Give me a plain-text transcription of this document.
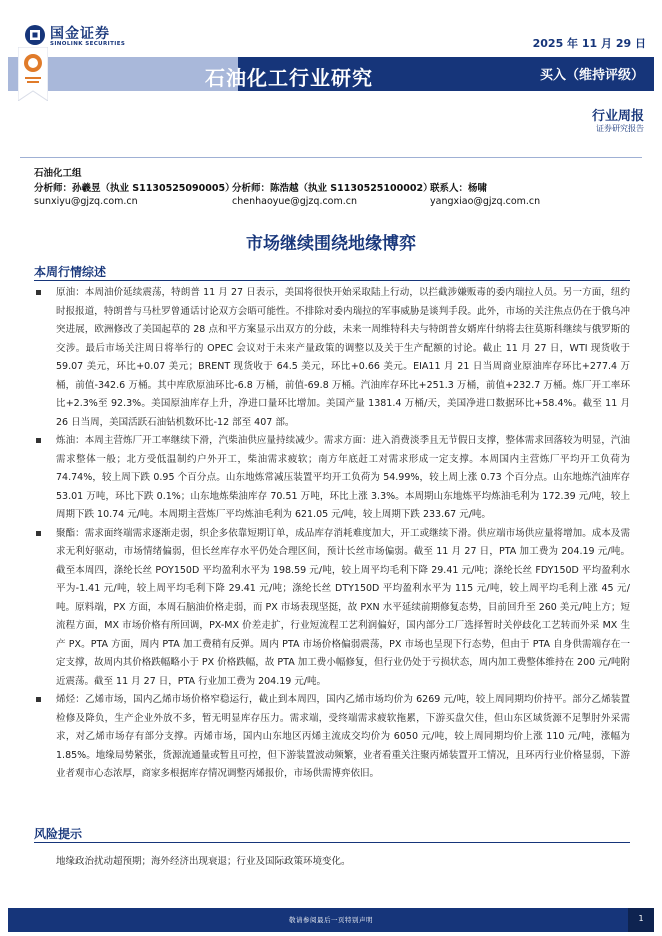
国金证券
SINOLINK SECURITIES	2025 年 11 月 29 日
石油化工行业研究	买入（维持评级）
行业周报
证券研究报告
石油化工组
分析师：孙羲昱（执业 S1130525090005）
分析师：陈浩越（执业 S1130525100002）
联系人：杨啸
sunxiyu@gjzq.com.cn	chenhaoyue@gjzq.com.cn	yangxiao@gjzq.com.cn
市场继续围绕地缘博弈
本周行情综述
原油：本周油价延续震荡，特朗普 11 月 27 日表示，美国将很快开始采取陆上行动，以拦截涉嫌贩毒的委内瑞拉人员。另一方面，纽约时报报道，特朗普与马杜罗曾通话讨论双方会晤可能性。不排除对委内瑞拉的军事威胁是谈判手段。此外，市场的关注焦点仍在于俄乌冲突进展，欧洲修改了美国起草的 28 点和平方案显示出双方的分歧，未来一周维特科夫与特朗普女婿库什纳将去往莫斯科继续与俄罗斯的交涉。最后市场关注周日将举行的 OPEC 会议对于未来产量政策的调整以及关于生产配额的讨论。截止 11 月 27 日，WTI 现货收于 59.07 美元，环比+0.07 美元；BRENT 现货收于 64.5 美元，环比+0.66 美元。EIA11 月 21 日当周商业原油库存环比+277.4 万桶，前值-342.6 万桶。其中库欣原油环比-6.8 万桶，前值-69.8 万桶。汽油库存环比+251.3 万桶，前值+232.7 万桶。炼厂开工率环比+2.3%至 92.3%。美国原油库存上升，净进口量环比增加。美国产量 1381.4 万桶/天，美国净进口数据环比+58.4%。截至 11 月 26 日当周，美国活跃石油钻机数环比-12 部至 407 部。
炼油：本周主营炼厂开工率继续下滑，汽柴油供应量持续减少。需求方面：进入消费淡季且无节假日支撑，整体需求回落较为明显，汽油需求整体一般；北方受低温制约户外开工，柴油需求疲软；南方年底赶工对需求形成一定支撑。本周国内主营炼厂平均开工负荷为 74.74%，较上周下跌 0.95 个百分点。山东地炼常减压装置平均开工负荷为 54.99%，较上周上涨 0.73 个百分点。山东地炼汽油库存 53.01 万吨，环比下跌 0.1%；山东地炼柴油库存 70.51 万吨，环比上涨 3.3%。本周期山东地炼平均炼油毛利为 172.39 元/吨，较上周期下跌 10.74 元/吨。本周期主营炼厂平均炼油毛利为 621.05 元/吨，较上周期下跌 233.67 元/吨。
聚酯：需求面终端需求逐渐走弱，织企多依靠短期订单，成品库存消耗难度加大，开工或继续下滑。供应端市场供应量将增加。成本及需求无利好驱动，市场情绪偏弱，但长丝库存水平仍处合理区间，预计长丝市场偏弱。截至 11 月 27 日，PTA 加工费为 204.19 元/吨。截至本周四，涤纶长丝 POY150D 平均盈利水平为 198.59 元/吨，较上周平均毛利下降 29.41 元/吨；涤纶长丝 FDY150D 平均盈利水平为-1.41 元/吨，较上周平均毛利下降 29.41 元/吨；涤纶长丝 DTY150D 平均盈利水平为 115 元/吨，较上周平均毛利上涨 45 元/吨。原料端，PX 方面，本周石脑油价格走弱，而 PX 市场表现坚挺，故 PXN 水平延续前期修复态势，目前回升至 260 美元/吨上方；短流程方面，MX 市场价格有所回调，PX-MX 价差走扩，行业短流程工艺利润偏好，国内部分工厂选择暂时关停歧化工艺转而外采 MX 生产 PX。PTA 方面，周内 PTA 加工费稍有反弹。周内 PTA 市场价格偏弱震荡，PX 市场也呈现下行态势，但由于 PTA 自身供需端存在一定支撑，故周内其价格跌幅略小于 PX 价格跌幅，故 PTA 加工费小幅修复，但行业仍处于亏损状态，周内加工费整体维持在 200 元/吨附近震荡。截至 11 月 27 日，PTA 行业加工费为 204.19 元/吨。
烯烃：乙烯市场，国内乙烯市场价格窄稳运行，截止到本周四，国内乙烯市场均价为 6269 元/吨，较上周同期均价持平。部分乙烯装置检修及降负，生产企业外放不多，暂无明显库存压力。需求端，受终端需求疲软拖累，下游买盘欠佳，但山东区域货源不足掣肘外采需求，对乙烯市场存有部分支撑。丙烯市场，国内山东地区丙烯主流成交均价为 6050 元/吨，较上周同期均价上涨 110 元/吨，涨幅为 1.85%。地缘局势紧张，货源流通量或暂且可控，但下游装置波动频繁，业者看重关注聚丙烯装置开工情况，且环丙行业价格显弱，下游业者观市心态浓厚，商家多根据库存情况调整丙烯报价，市场供需博弈依旧。
风险提示
地缘政治扰动超预期；海外经济出现衰退；行业及国际政策环境变化。
敬请参阅最后一页特别声明	1
